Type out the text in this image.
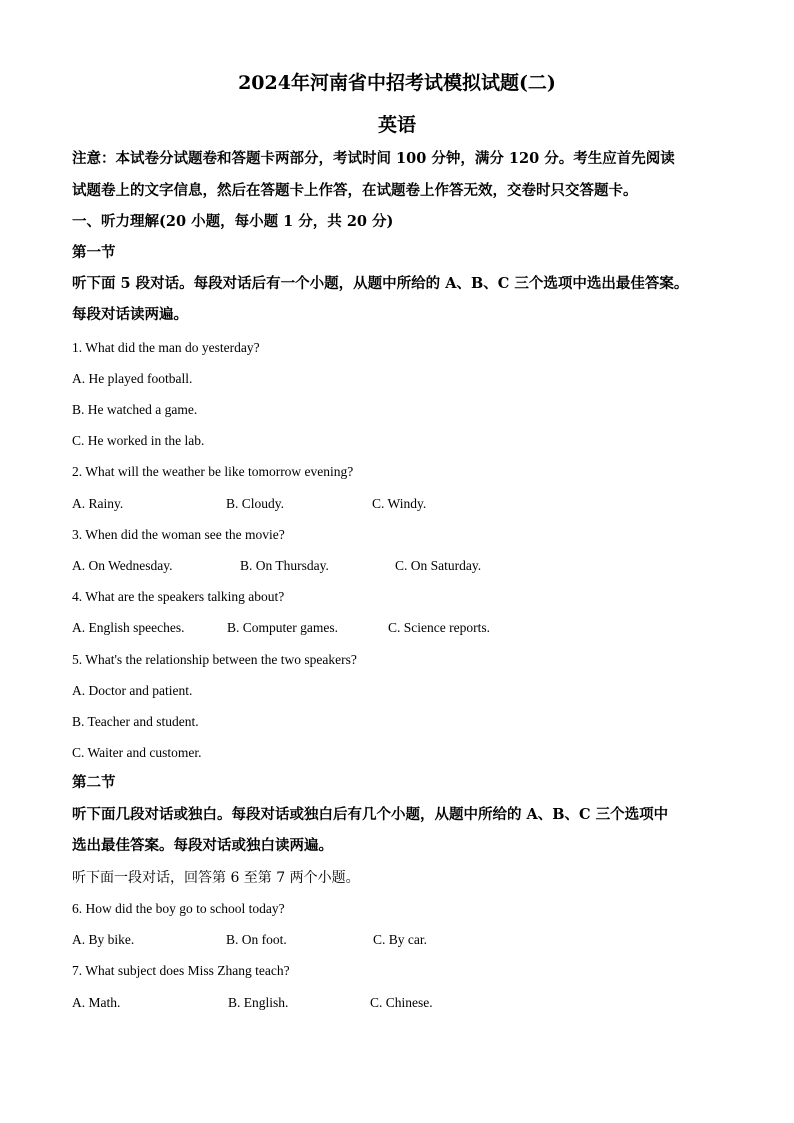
2024年河南省中招考试模拟试题(二)
英语
注意：本试卷分试题卷和答题卡两部分，考试时间 100 分钟，满分 120 分。考生应首先阅读
试题卷上的文字信息，然后在答题卡上作答，在试题卷上作答无效，交卷时只交答题卡。
一、听力理解(20 小题，每小题 1 分，共 20 分)
第一节
听下面 5 段对话。每段对话后有一个小题，从题中所给的 A、B、C 三个选项中选出最佳答案。
每段对话读两遍。
1. What did the man do yesterday?
A. He played football.
B. He watched a game.
C. He worked in the lab.
2. What will the weather be like tomorrow evening?
A. Rainy.	B. Cloudy.	C. Windy.
3. When did the woman see the movie?
A. On Wednesday.	B. On Thursday.	C. On Saturday.
4. What are the speakers talking about?
A. English speeches.	B. Computer games.	C. Science reports.
5. What's the relationship between the two speakers?
A. Doctor and patient.
B. Teacher and student.
C. Waiter and customer.
第二节
听下面几段对话或独白。每段对话或独白后有几个小题，从题中所给的 A、B、C 三个选项中
选出最佳答案。每段对话或独白读两遍。
听下面一段对话，回答第 6 至第 7 两个小题。
6. How did the boy go to school today?
A. By bike.	B. On foot.	C. By car.
7. What subject does Miss Zhang teach?
A. Math.	B. English.	C. Chinese.
